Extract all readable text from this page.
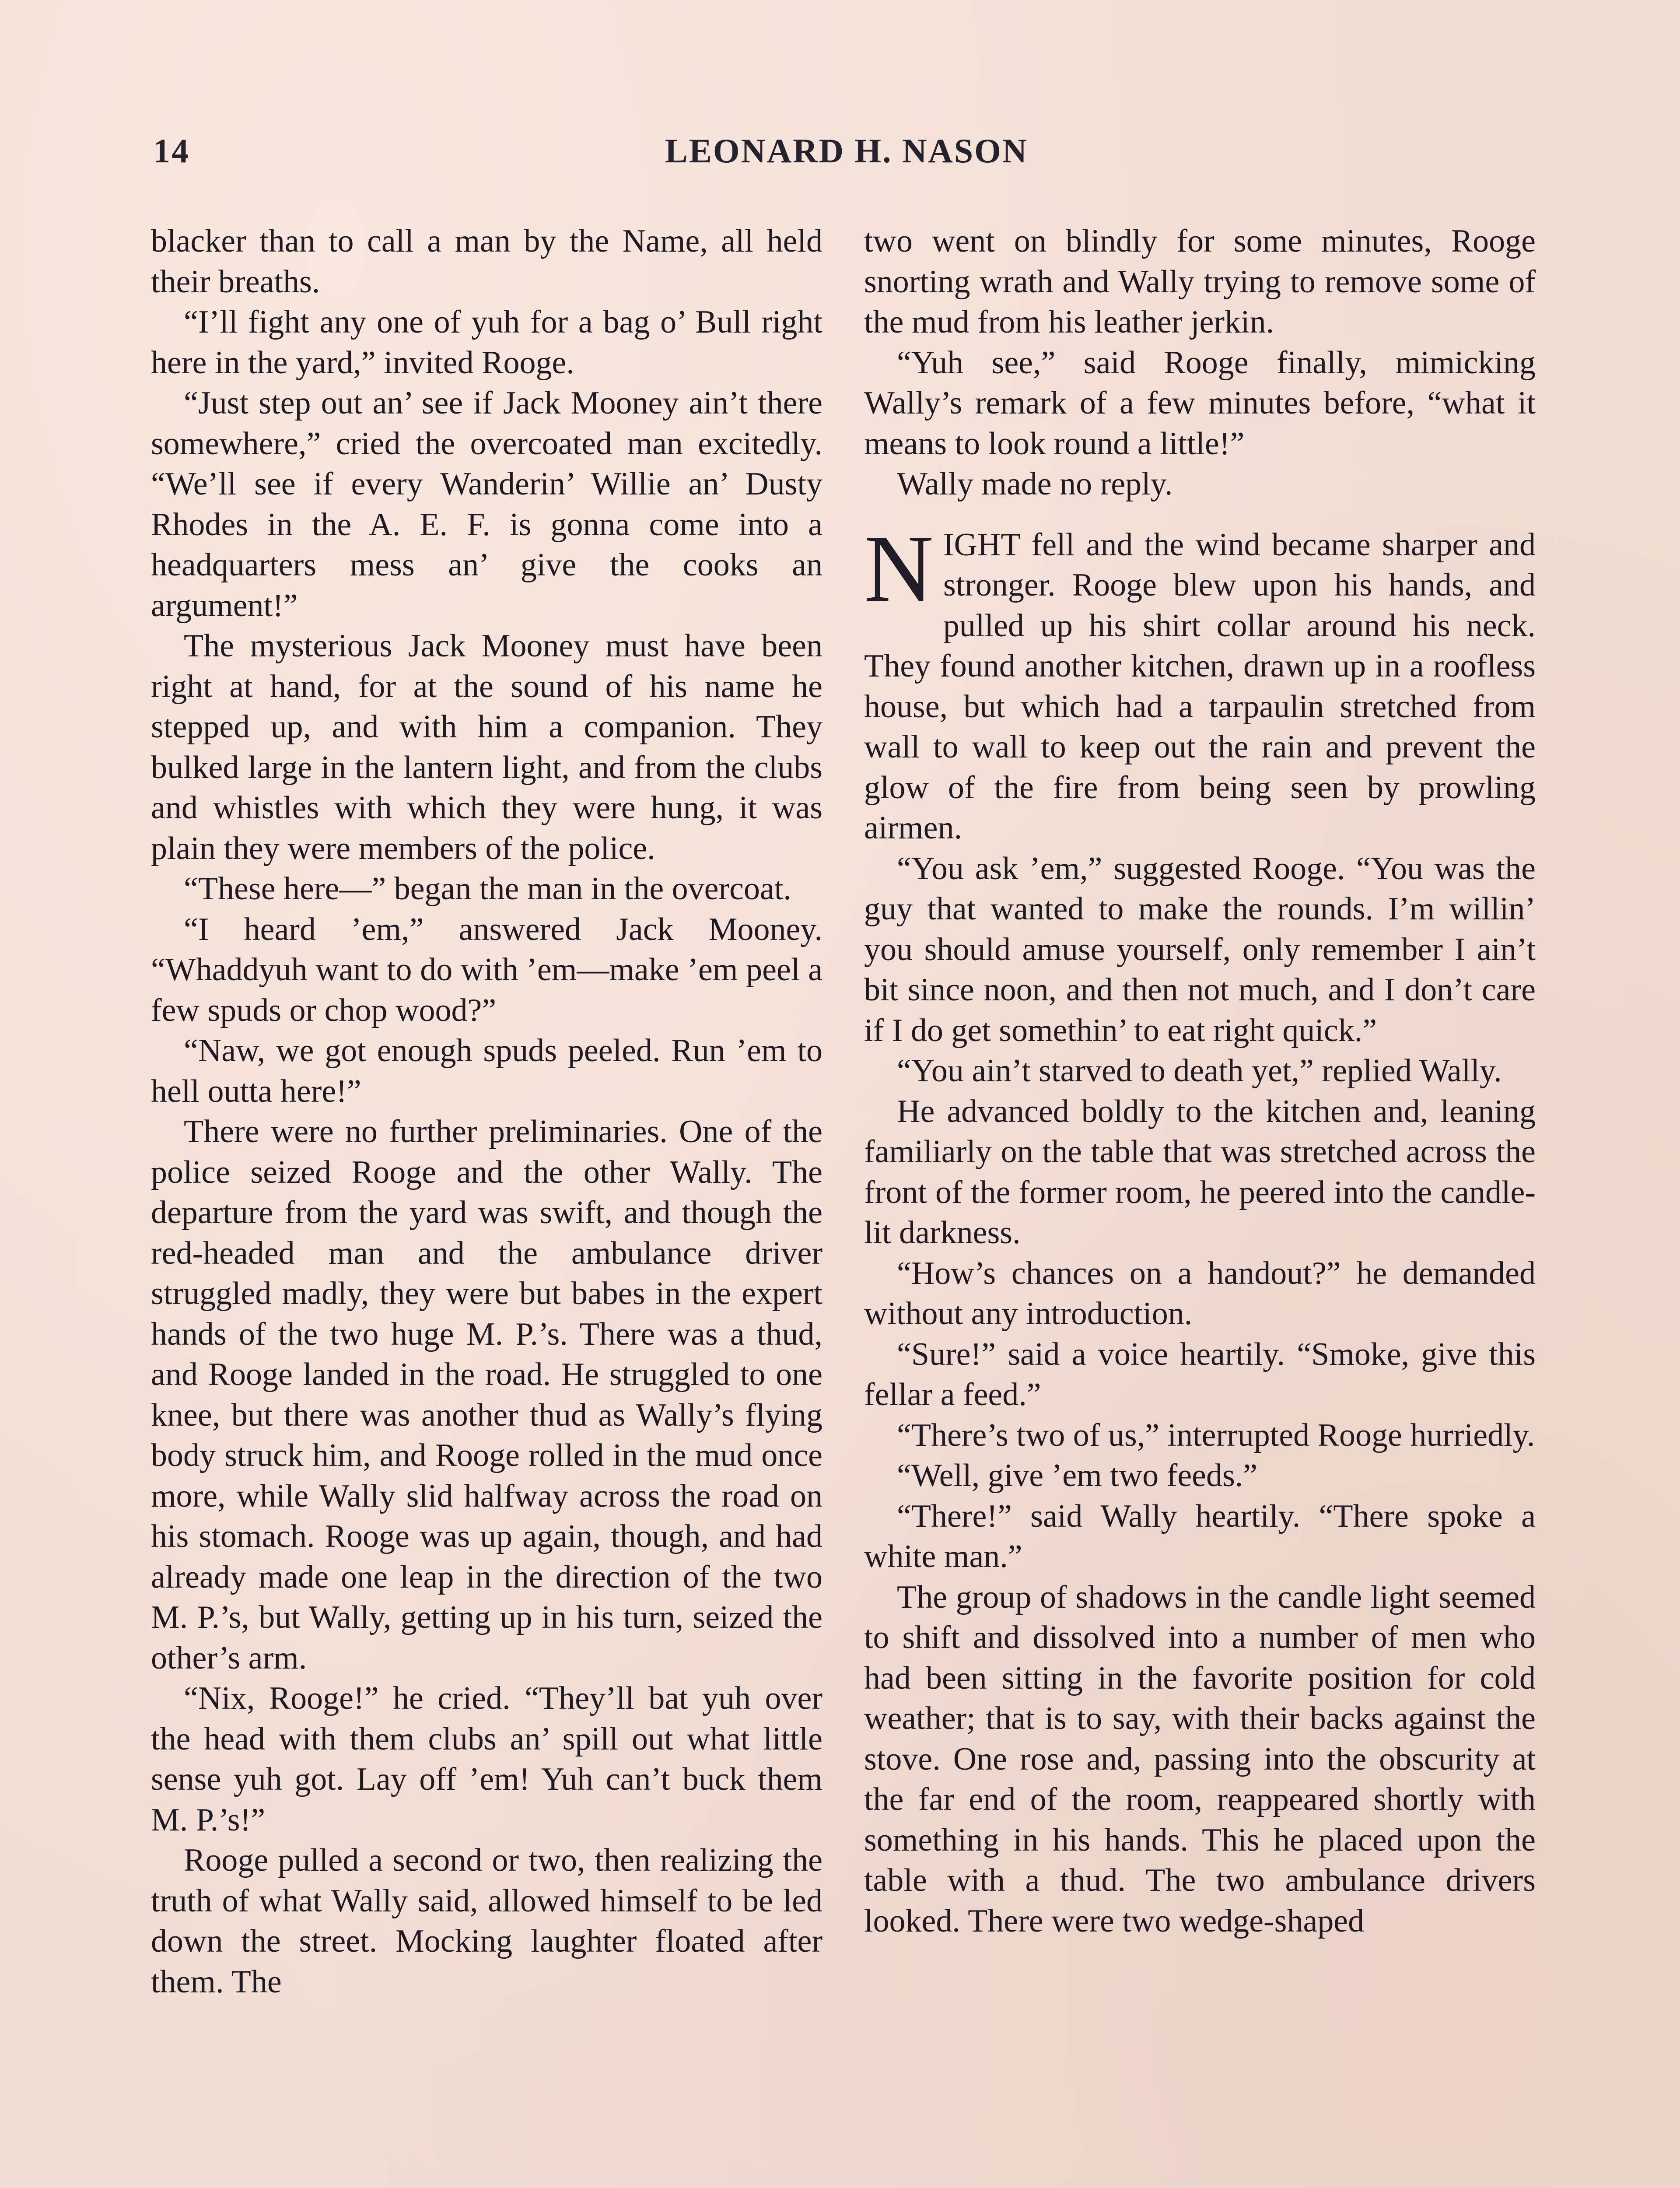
14	LEONARD H. NASON

blacker than to call a man by the Name, all held their breaths.

“I’ll fight any one of yuh for a bag o’ Bull right here in the yard,” invited Rooge.

“Just step out an’ see if Jack Mooney ain’t there somewhere,” cried the overcoated man excitedly. “We’ll see if every Wanderin’ Willie an’ Dusty Rhodes in the A. E. F. is gonna come into a headquarters mess an’ give the cooks an argument!”

The mysterious Jack Mooney must have been right at hand, for at the sound of his name he stepped up, and with him a companion. They bulked large in the lantern light, and from the clubs and whistles with which they were hung, it was plain they were members of the police.

“These here—” began the man in the overcoat.

“I heard ’em,” answered Jack Mooney. “Whaddyuh want to do with ’em—make ’em peel a few spuds or chop wood?”

“Naw, we got enough spuds peeled. Run ’em to hell outta here!”

There were no further preliminaries. One of the police seized Rooge and the other Wally. The departure from the yard was swift, and though the red-headed man and the ambulance driver struggled madly, they were but babes in the expert hands of the two huge M. P.’s. There was a thud, and Rooge landed in the road. He struggled to one knee, but there was another thud as Wally’s flying body struck him, and Rooge rolled in the mud once more, while Wally slid halfway across the road on his stomach. Rooge was up again, though, and had already made one leap in the direction of the two M. P.’s, but Wally, getting up in his turn, seized the other’s arm.

“Nix, Rooge!” he cried. “They’ll bat yuh over the head with them clubs an’ spill out what little sense yuh got. Lay off ’em! Yuh can’t buck them M. P.’s!”

Rooge pulled a second or two, then realizing the truth of what Wally said, allowed himself to be led down the street. Mocking laughter floated after them. The

two went on blindly for some minutes, Rooge snorting wrath and Wally trying to remove some of the mud from his leather jerkin.

“Yuh see,” said Rooge finally, mimicking Wally’s remark of a few minutes before, “what it means to look round a little!”

Wally made no reply.

NIGHT fell and the wind became sharper and stronger. Rooge blew upon his hands, and pulled up his shirt collar around his neck. They found another kitchen, drawn up in a roofless house, but which had a tarpaulin stretched from wall to wall to keep out the rain and prevent the glow of the fire from being seen by prowling airmen.

“You ask ’em,” suggested Rooge. “You was the guy that wanted to make the rounds. I’m willin’ you should amuse yourself, only remember I ain’t bit since noon, and then not much, and I don’t care if I do get somethin’ to eat right quick.”

“You ain’t starved to death yet,” replied Wally.

He advanced boldly to the kitchen and, leaning familiarly on the table that was stretched across the front of the former room, he peered into the candle-lit darkness.

“How’s chances on a handout?” he demanded without any introduction.

“Sure!” said a voice heartily. “Smoke, give this fellar a feed.”

“There’s two of us,” interrupted Rooge hurriedly.

“Well, give ’em two feeds.”

“There!” said Wally heartily. “There spoke a white man.”

The group of shadows in the candle light seemed to shift and dissolved into a number of men who had been sitting in the favorite position for cold weather; that is to say, with their backs against the stove. One rose and, passing into the obscurity at the far end of the room, reappeared shortly with something in his hands. This he placed upon the table with a thud. The two ambulance drivers looked. There were two wedge-shaped
